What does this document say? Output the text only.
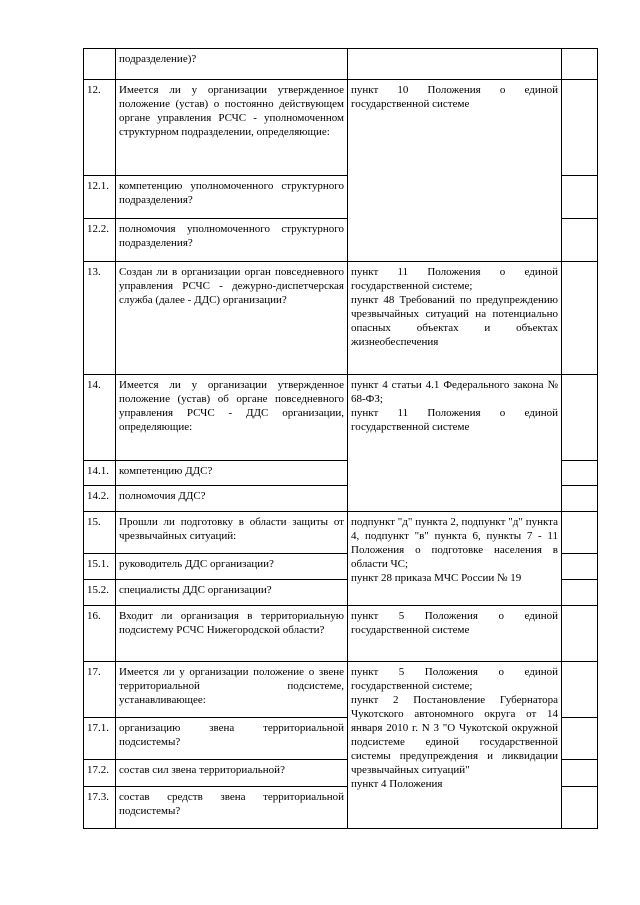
	подразделение)?		
12.	Имеется ли у организации утвержденное положение (устав) о постоянно действующем органе управления РСЧС - уполномоченном структурном подразделении, определяющие:	пункт 10 Положения о единой государственной системе	

12.1.	компетенцию уполномоченного структурного подразделения?		
12.2.	полномочия уполномоченного структурного подразделения?		
13.	Создан ли в организации орган повседневного управления РСЧС - дежурно-диспетчерская служба (далее - ДДС) организации?	пункт 11 Положения о единой государственной системе;
пункт 48 Требований по предупреждению чрезвычайных ситуаций на потенциально опасных объектах и объектах жизнеобеспечения	

14.	Имеется ли у организации утвержденное положение (устав) об органе повседневного управления РСЧС - ДДС организации, определяющие:	пункт 4 статьи 4.1 Федерального закона № 68-ФЗ;
пункт 11 Положения о единой государственной системе	

14.1.	компетенцию ДДС?		
14.2.	полномочия ДДС?		
15.	Прошли ли подготовку в области защиты от чрезвычайных ситуаций:	подпункт "д" пункта 2, подпункт "д" пункта 4, подпункт "в" пункта 6, пункты 7 - 11 Положения о подготовке населения в области ЧС;
пункт 28 приказа МЧС России № 19	

15.1.	руководитель ДДС организации?		
15.2.	специалисты ДДС организации?		
16.	Входит ли организация в территориальную подсистему РСЧС Нижегородской области?	пункт 5 Положения о единой государственной системе	

17.	Имеется ли у организации положение о звене территориальной подсистеме, устанавливающее:	пункт 5 Положения о единой государственной системе;
пункт 2 Постановление Губернатора Чукотского автономного округа от 14 января 2010 г. N 3 "О Чукотской окружной подсистеме единой государственной системы предупреждения и ликвидации чрезвычайных ситуаций"
пункт 4 Положения	

17.1.	организацию звена территориальной подсистемы?		
17.2.	состав сил звена территориальной?		
17.3.	состав средств звена территориальной подсистемы?		
